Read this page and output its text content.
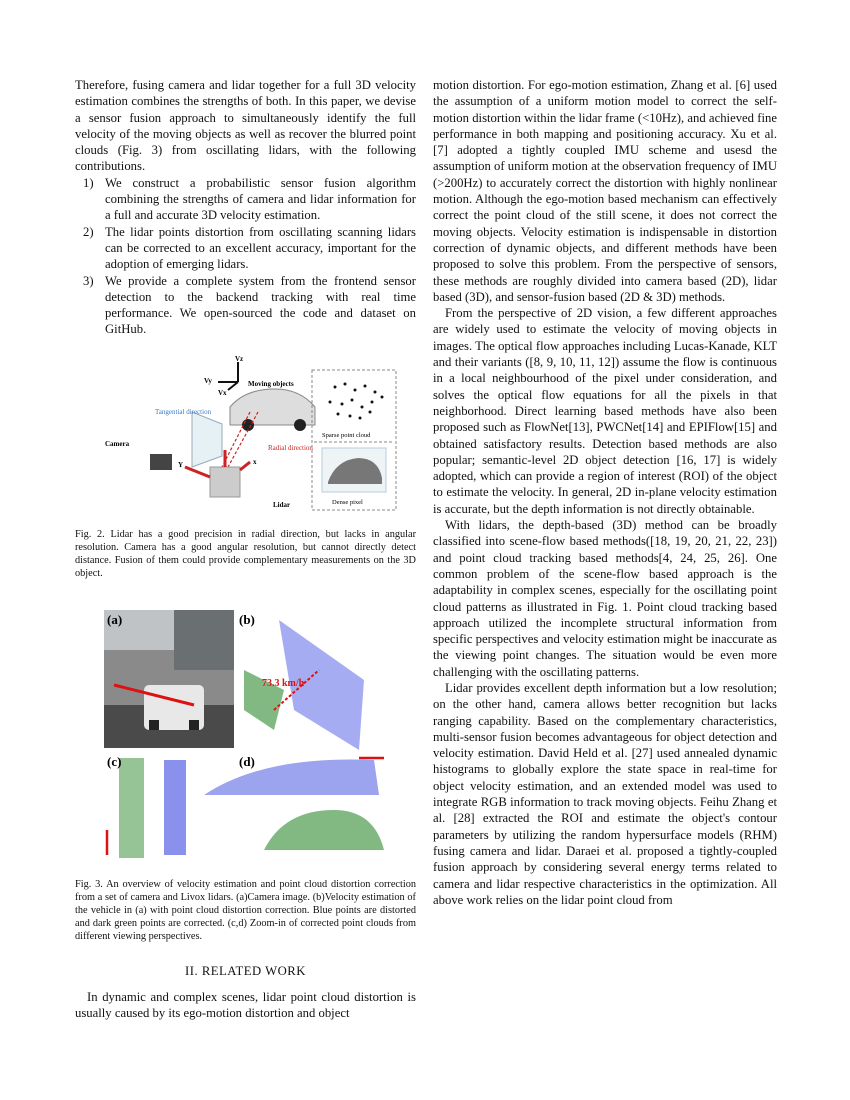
Therefore, fusing camera and lidar together for a full 3D velocity estimation combines the strengths of both. In this paper, we devise a sensor fusion approach to simultaneously identify the full velocity of the moving objects as well as recover the blurred point clouds (Fig. 3) from oscillating lidars, with the following contributions.

1) We construct a probabilistic sensor fusion algorithm combining the strengths of camera and lidar information for a full and accurate 3D velocity estimation.
2) The lidar points distortion from oscillating scanning lidars can be corrected to an excellent accuracy, important for the adoption of emerging lidars.
3) We provide a complete system from the frontend sensor detection to the backend tracking with real time performance. We open-sourced the code and dataset on GitHub.
Vz
Vy
Vx
Moving objects
Tangential direction
Camera	Radial direction
Y	x
Lidar
Sparse point cloud
Dense pixel
Fig. 2. Lidar has a good precision in radial direction, but lacks in angular resolution. Camera has a good angular resolution, but cannot directly detect distance. Fusion of them could provide complementary measurements on the 3D object.
(a)	(b)
73.3 km/h
(c)	(d)
Fig. 3. An overview of velocity estimation and point cloud distortion correction from a set of camera and Livox lidars. (a)Camera image. (b)Velocity estimation of the vehicle in (a) with point cloud distortion correction. Blue points are distorted and dark green points are corrected. (c,d) Zoom-in of corrected point clouds from different viewing perspectives.
II. RELATED WORK

In dynamic and complex scenes, lidar point cloud distortion is usually caused by its ego-motion distortion and object

motion distortion. For ego-motion estimation, Zhang et al. [6] used the assumption of a uniform motion model to correct the self-motion distortion within the lidar frame (<10Hz), and achieved fine performance in both mapping and positioning accuracy. Xu et al.[7] adopted a tightly coupled IMU scheme and usesd the assumption of uniform motion at the observation frequency of IMU (>200Hz) to accurately correct the distortion with highly nonlinear motion. Although the ego-motion based mechanism can effectively correct the point cloud of the still scene, it does not correct the moving objects. Velocity estimation is indispensable in distortion correction of dynamic objects, and different methods have been proposed to solve this problem. From the perspective of sensors, these methods are roughly divided into camera based (2D), lidar based (3D), and sensor-fusion based (2D & 3D) methods.

From the perspective of 2D vision, a few different approaches are widely used to estimate the velocity of moving objects in images. The optical flow approaches including Lucas-Kanade, KLT and their variants ([8, 9, 10, 11, 12]) assume the flow is continuous in a local neighbourhood of the pixel under consideration, and solves the optical flow equations for all the pixels in that neighborhood. Direct learning based methods have also been proposed such as FlowNet[13], PWCNet[14] and EPIFlow[15] and obtained satisfactory results. Detection based methods are also popular; semantic-level 2D object detection [16, 17] is widely adopted, which can provide a region of interest (ROI) of the object to estimate the velocity. In general, 2D in-plane velocity estimation is accurate, but the depth information is not directly obtainable.

With lidars, the depth-based (3D) method can be broadly classified into scene-flow based methods([18, 19, 20, 21, 22, 23]) and point cloud tracking based methods[4, 24, 25, 26]. One common problem of the scene-flow based approach is the adaptability in complex scenes, especially for the oscillating point cloud patterns as illustrated in Fig. 1. Point cloud tracking based approach utilized the incomplete structural information from specific perspectives and velocity estimation might be inaccurate as the viewing point changes. The situation would be even more challenging with the oscillating patterns.

Lidar provides excellent depth information but a low resolution; on the other hand, camera allows better recognition but lacks ranging capability. Based on the complementary characteristics, multi-sensor fusion becomes advantageous for object detection and velocity estimation. David Held et al. [27] used annealed dynamic histograms to globally explore the state space in real-time for object velocity estimation, and an extended model was used to integrate RGB information to track moving objects. Feihu Zhang et al. [28] extracted the ROI and estimate the object's contour parameters by utilizing the random hypersurface models (RHM) fusing camera and lidar. Daraei et al. proposed a tightly-coupled fusion approach by considering several energy terms related to camera and lidar respective characteristics in the optimization. All above work relies on the lidar point cloud from
